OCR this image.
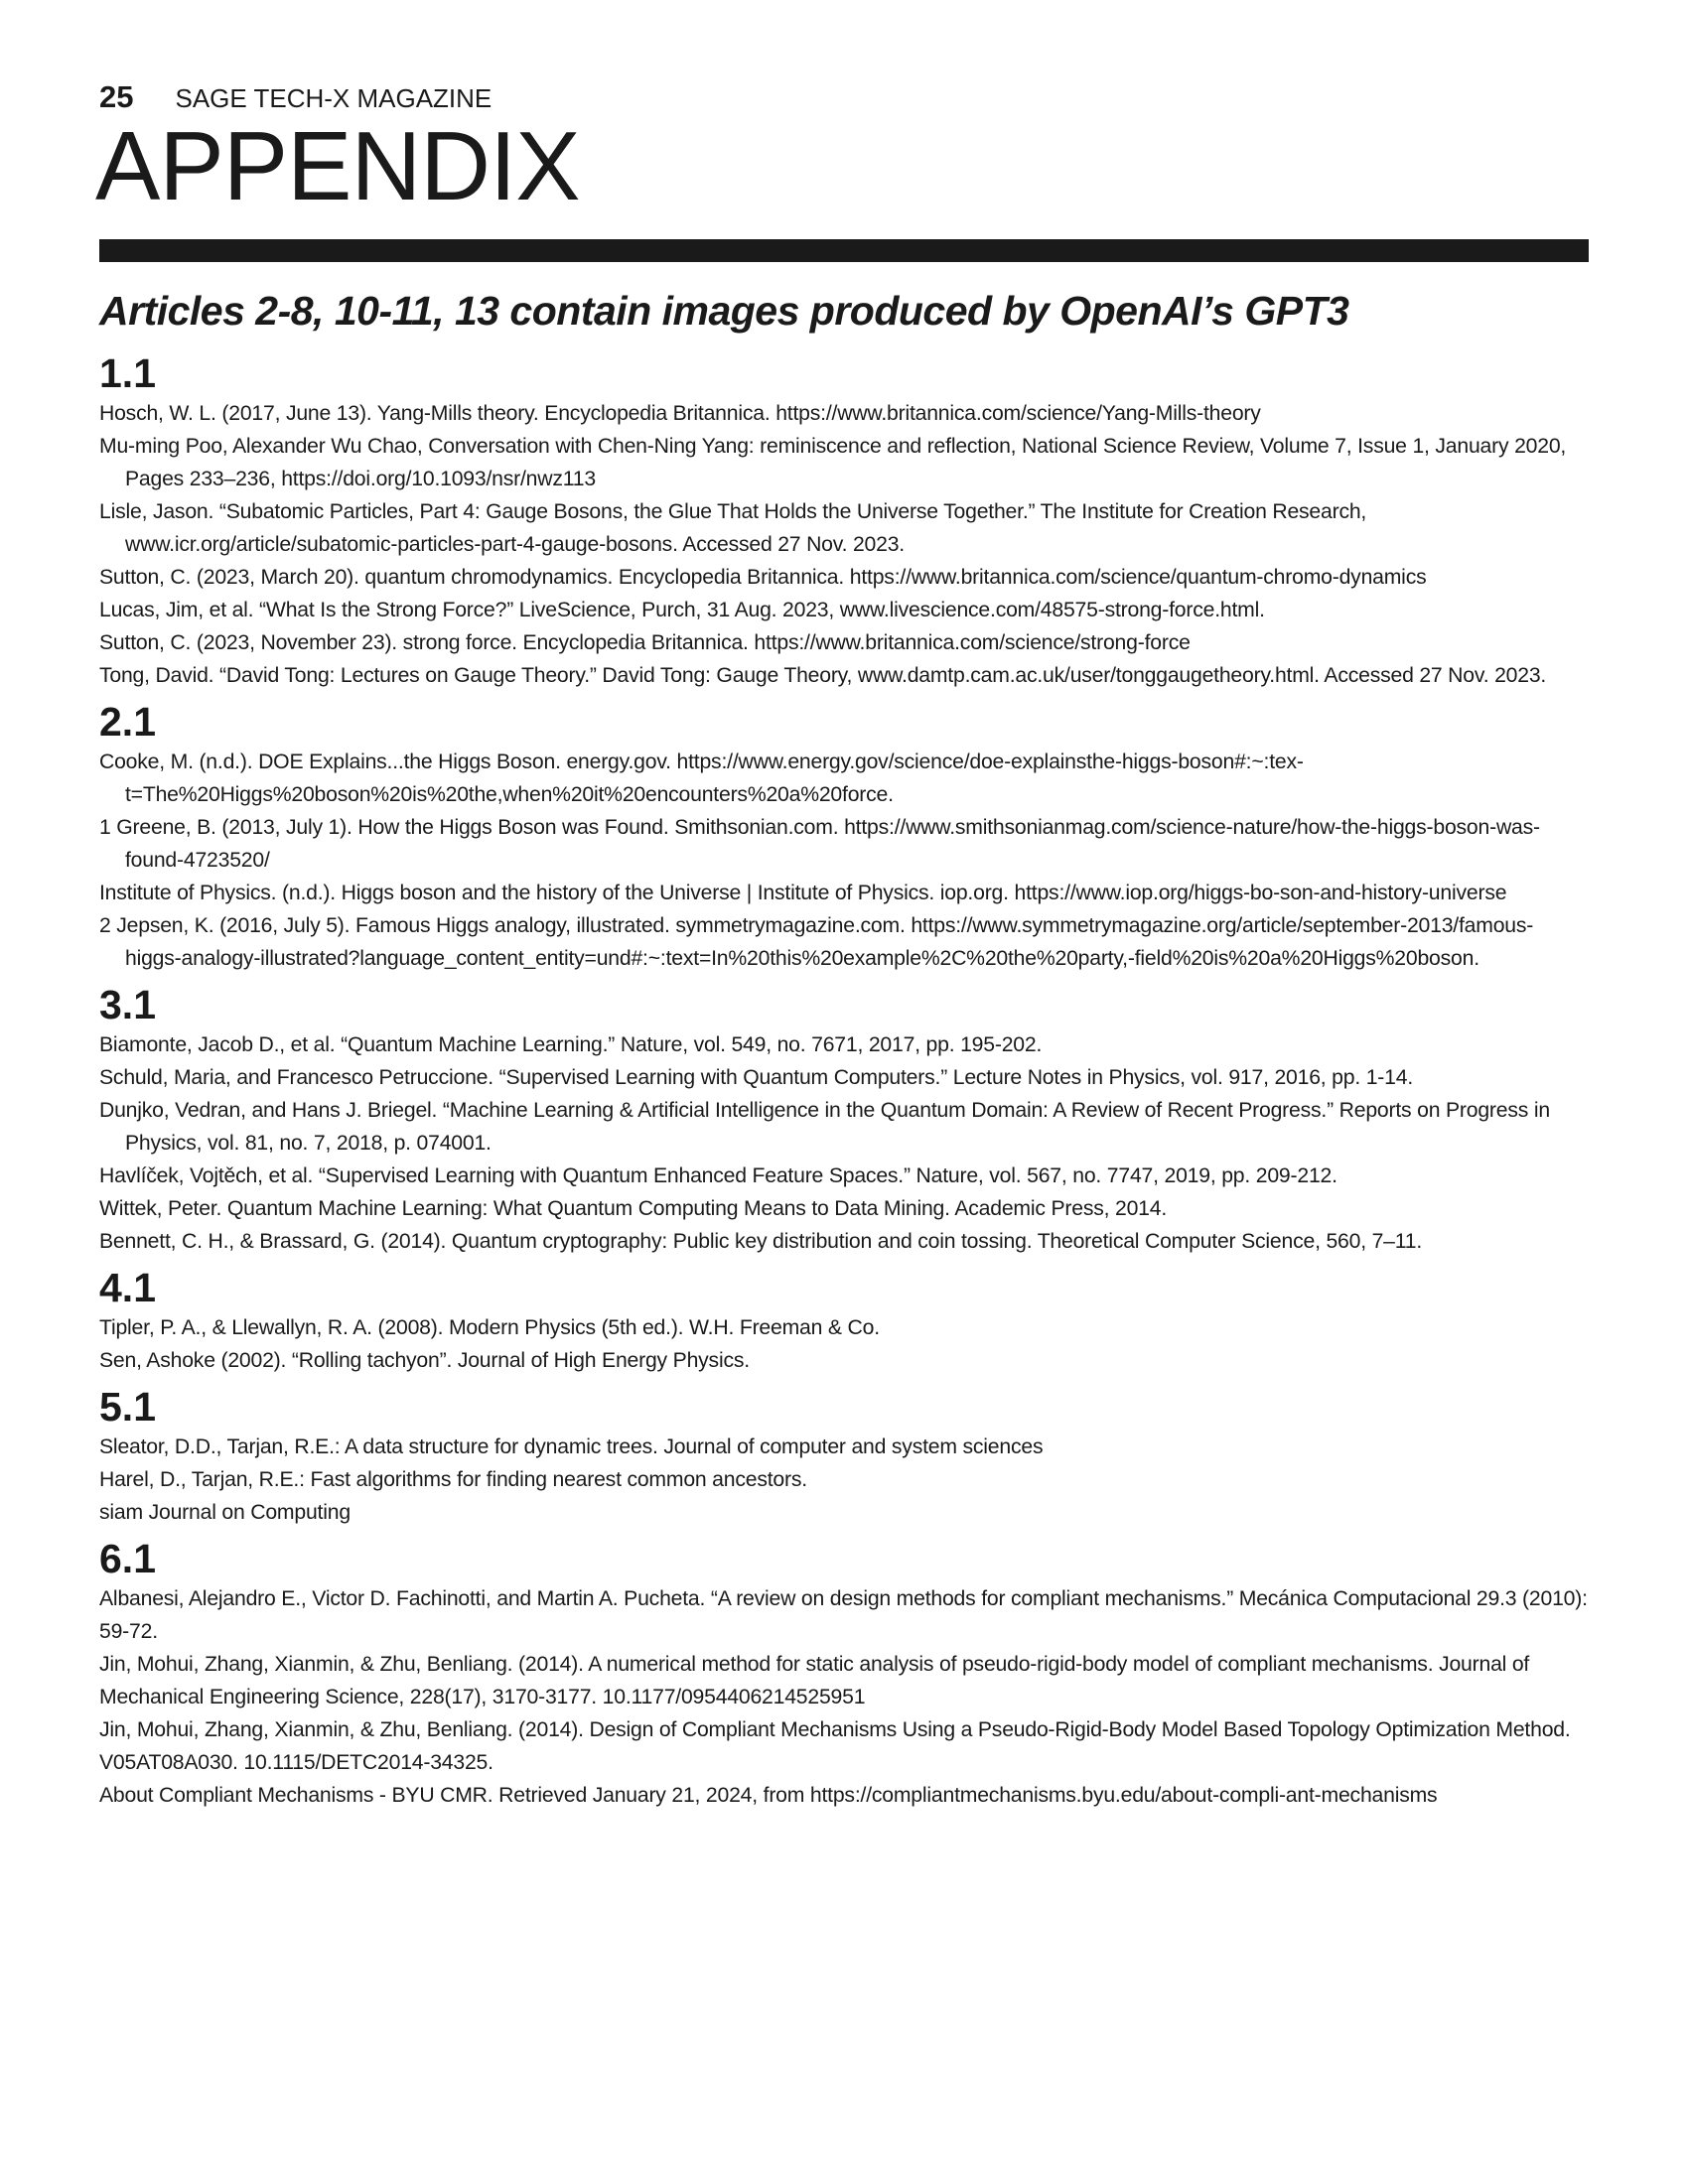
25 SAGE TECH-X MAGAZINE
APPENDIX
Articles 2-8, 10-11, 13 contain images produced by OpenAI’s GPT3
1.1
Hosch, W. L. (2017, June 13). Yang-Mills theory. Encyclopedia Britannica. https://www.britannica.com/science/Yang-Mills-theory
Mu-ming Poo, Alexander Wu Chao, Conversation with Chen-Ning Yang: reminiscence and reflection, National Science Review, Volume 7, Issue 1, January 2020, Pages 233–236, https://doi.org/10.1093/nsr/nwz113
Lisle, Jason. “Subatomic Particles, Part 4: Gauge Bosons, the Glue That Holds the Universe Together.” The Institute for Creation Research, www.icr.org/article/subatomic-particles-part-4-gauge-bosons. Accessed 27 Nov. 2023.
Sutton, C. (2023, March 20). quantum chromodynamics. Encyclopedia Britannica. https://www.britannica.com/science/quantum-chromo-dynamics
Lucas, Jim, et al. “What Is the Strong Force?” LiveScience, Purch, 31 Aug. 2023, www.livescience.com/48575-strong-force.html.
Sutton, C. (2023, November 23). strong force. Encyclopedia Britannica. https://www.britannica.com/science/strong-force
Tong, David. “David Tong: Lectures on Gauge Theory.” David Tong: Gauge Theory, www.damtp.cam.ac.uk/user/tonggaugetheory.html. Accessed 27 Nov. 2023.
2.1
Cooke, M. (n.d.). DOE Explains...the Higgs Boson. energy.gov. https://www.energy.gov/science/doe-explainsthe-higgs-boson#:~:tex-t=The%20Higgs%20boson%20is%20the,when%20it%20encounters%20a%20force.
1 Greene, B. (2013, July 1). How the Higgs Boson was Found. Smithsonian.com. https://www.smithsonianmag.com/science-nature/how-the-higgs-boson-was-found-4723520/
Institute of Physics. (n.d.). Higgs boson and the history of the Universe | Institute of Physics. iop.org. https://www.iop.org/higgs-bo-son-and-history-universe
2 Jepsen, K. (2016, July 5). Famous Higgs analogy, illustrated. symmetrymagazine.com. https://www.symmetrymagazine.org/article/september-2013/famous-higgs-analogy-illustrated?language_content_entity=und#:~:text=In%20this%20example%2C%20the%20party,-field%20is%20a%20Higgs%20boson.
3.1
Biamonte, Jacob D., et al. “Quantum Machine Learning.” Nature, vol. 549, no. 7671, 2017, pp. 195-202.
Schuld, Maria, and Francesco Petruccione. “Supervised Learning with Quantum Computers.” Lecture Notes in Physics, vol. 917, 2016, pp. 1-14.
Dunjko, Vedran, and Hans J. Briegel. “Machine Learning & Artificial Intelligence in the Quantum Domain: A Review of Recent Progress.” Reports on Progress in Physics, vol. 81, no. 7, 2018, p. 074001.
Havlíček, Vojtěch, et al. “Supervised Learning with Quantum Enhanced Feature Spaces.” Nature, vol. 567, no. 7747, 2019, pp. 209-212.
Wittek, Peter. Quantum Machine Learning: What Quantum Computing Means to Data Mining. Academic Press, 2014.
Bennett, C. H., & Brassard, G. (2014). Quantum cryptography: Public key distribution and coin tossing. Theoretical Computer Science, 560, 7–11.
4.1
Tipler, P. A., & Llewallyn, R. A. (2008). Modern Physics (5th ed.). W.H. Freeman & Co.
Sen, Ashoke (2002). “Rolling tachyon”. Journal of High Energy Physics.
5.1
Sleator, D.D., Tarjan, R.E.: A data structure for dynamic trees. Journal of computer and system sciences
Harel, D., Tarjan, R.E.: Fast algorithms for finding nearest common ancestors.
siam Journal on Computing
6.1
Albanesi, Alejandro E., Victor D. Fachinotti, and Martin A. Pucheta. “A review on design methods for compliant mechanisms.” Mecánica Computacional 29.3 (2010): 59-72.
Jin, Mohui, Zhang, Xianmin, & Zhu, Benliang. (2014). A numerical method for static analysis of pseudo-rigid-body model of compliant mechanisms. Journal of Mechanical Engineering Science, 228(17), 3170-3177. 10.1177/0954406214525951
Jin, Mohui, Zhang, Xianmin, & Zhu, Benliang. (2014). Design of Compliant Mechanisms Using a Pseudo-Rigid-Body Model Based Topology Optimization Method. V05AT08A030. 10.1115/DETC2014-34325.
About Compliant Mechanisms - BYU CMR. Retrieved January 21, 2024, from https://compliantmechanisms.byu.edu/about-compli-ant-mechanisms
